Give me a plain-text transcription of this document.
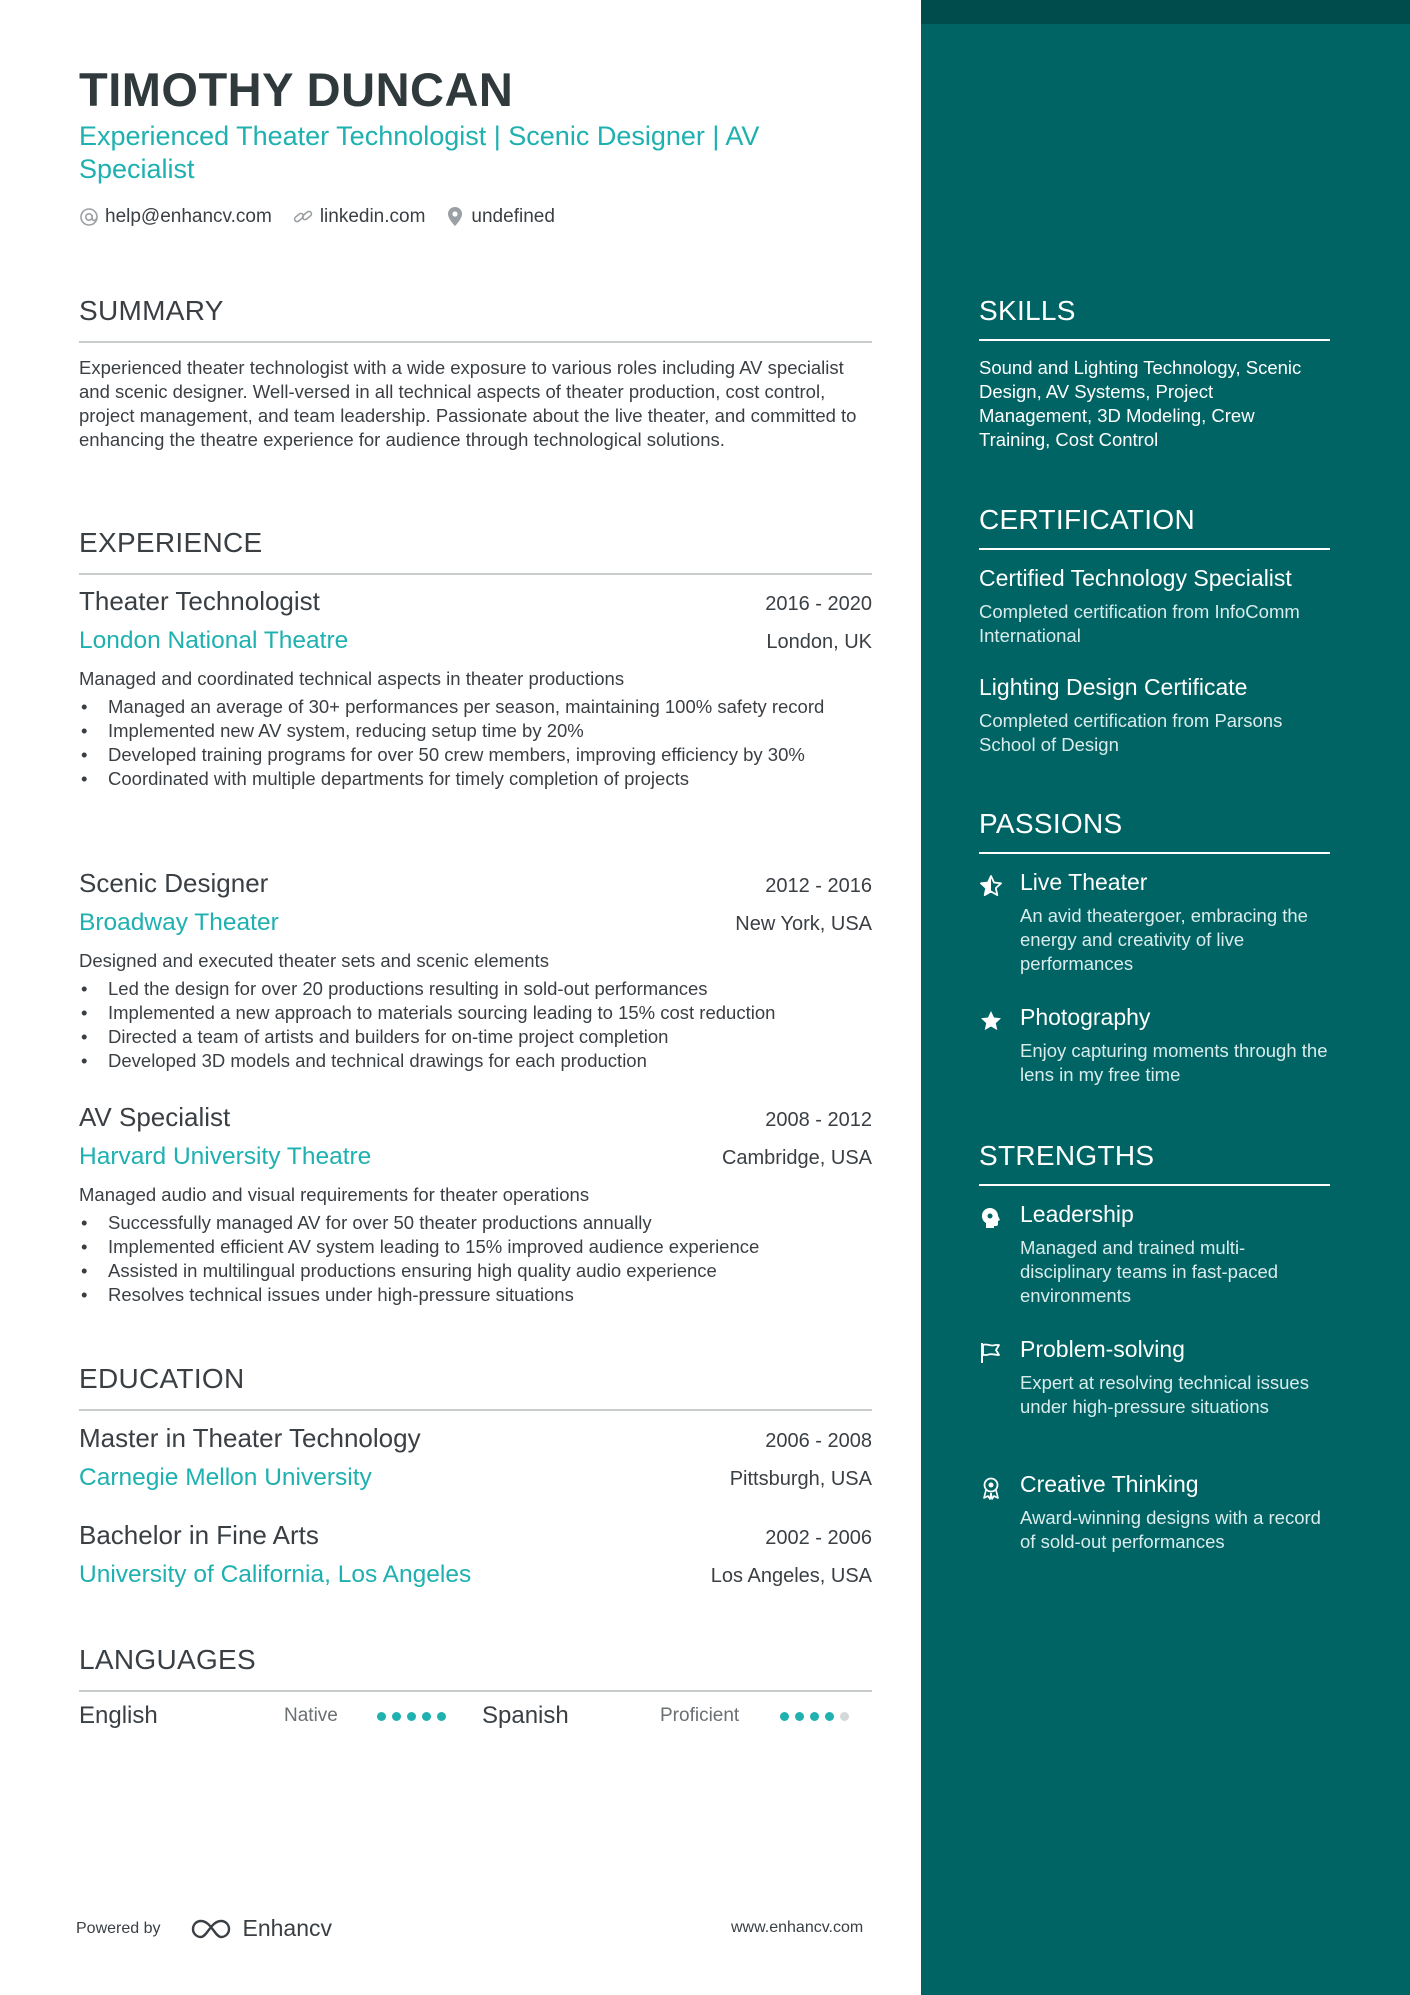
TIMOTHY DUNCAN
Experienced Theater Technologist | Scenic Designer | AV Specialist
help@enhancv.com	linkedin.com undefined
SUMMARY
Experienced theater technologist with a wide exposure to various roles including AV specialist and scenic designer. Well-versed in all technical aspects of theater production, cost control, project management, and team leadership. Passionate about the live theater, and committed to enhancing the theatre experience for audience through technological solutions.
EXPERIENCE
Theater Technologist	2016 - 2020
London National Theatre	London, UK
Managed and coordinated technical aspects in theater productions
• Managed an average of 30+ performances per season, maintaining 100% safety record
• Implemented new AV system, reducing setup time by 20%
• Developed training programs for over 50 crew members, improving efficiency by 30%
• Coordinated with multiple departments for timely completion of projects
Scenic Designer	2012 - 2016
Broadway Theater	New York, USA
Designed and executed theater sets and scenic elements
• Led the design for over 20 productions resulting in sold-out performances
• Implemented a new approach to materials sourcing leading to 15% cost reduction
• Directed a team of artists and builders for on-time project completion
• Developed 3D models and technical drawings for each production
AV Specialist	2008 - 2012
Harvard University Theatre	Cambridge, USA
Managed audio and visual requirements for theater operations
• Successfully managed AV for over 50 theater productions annually
• Implemented efficient AV system leading to 15% improved audience experience
• Assisted in multilingual productions ensuring high quality audio experience
• Resolves technical issues under high-pressure situations
EDUCATION
Master in Theater Technology	2006 - 2008
Carnegie Mellon University	Pittsburgh, USA
Bachelor in Fine Arts	2002 - 2006
University of California, Los Angeles	Los Angeles, USA
LANGUAGES
English	Native	Spanish	Proficient
Powered by	Enhancv	www.enhancv.com
SKILLS
Sound and Lighting Technology, Scenic Design, AV Systems, Project Management, 3D Modeling, Crew Training, Cost Control
CERTIFICATION
Certified Technology Specialist
Completed certification from InfoComm International
Lighting Design Certificate
Completed certification from Parsons School of Design
PASSIONS
Live Theater
An avid theatergoer, embracing the energy and creativity of live performances
Photography
Enjoy capturing moments through the lens in my free time
STRENGTHS
Leadership
Managed and trained multi-disciplinary teams in fast-paced environments
Problem-solving
Expert at resolving technical issues under high-pressure situations
Creative Thinking
Award-winning designs with a record of sold-out performances
